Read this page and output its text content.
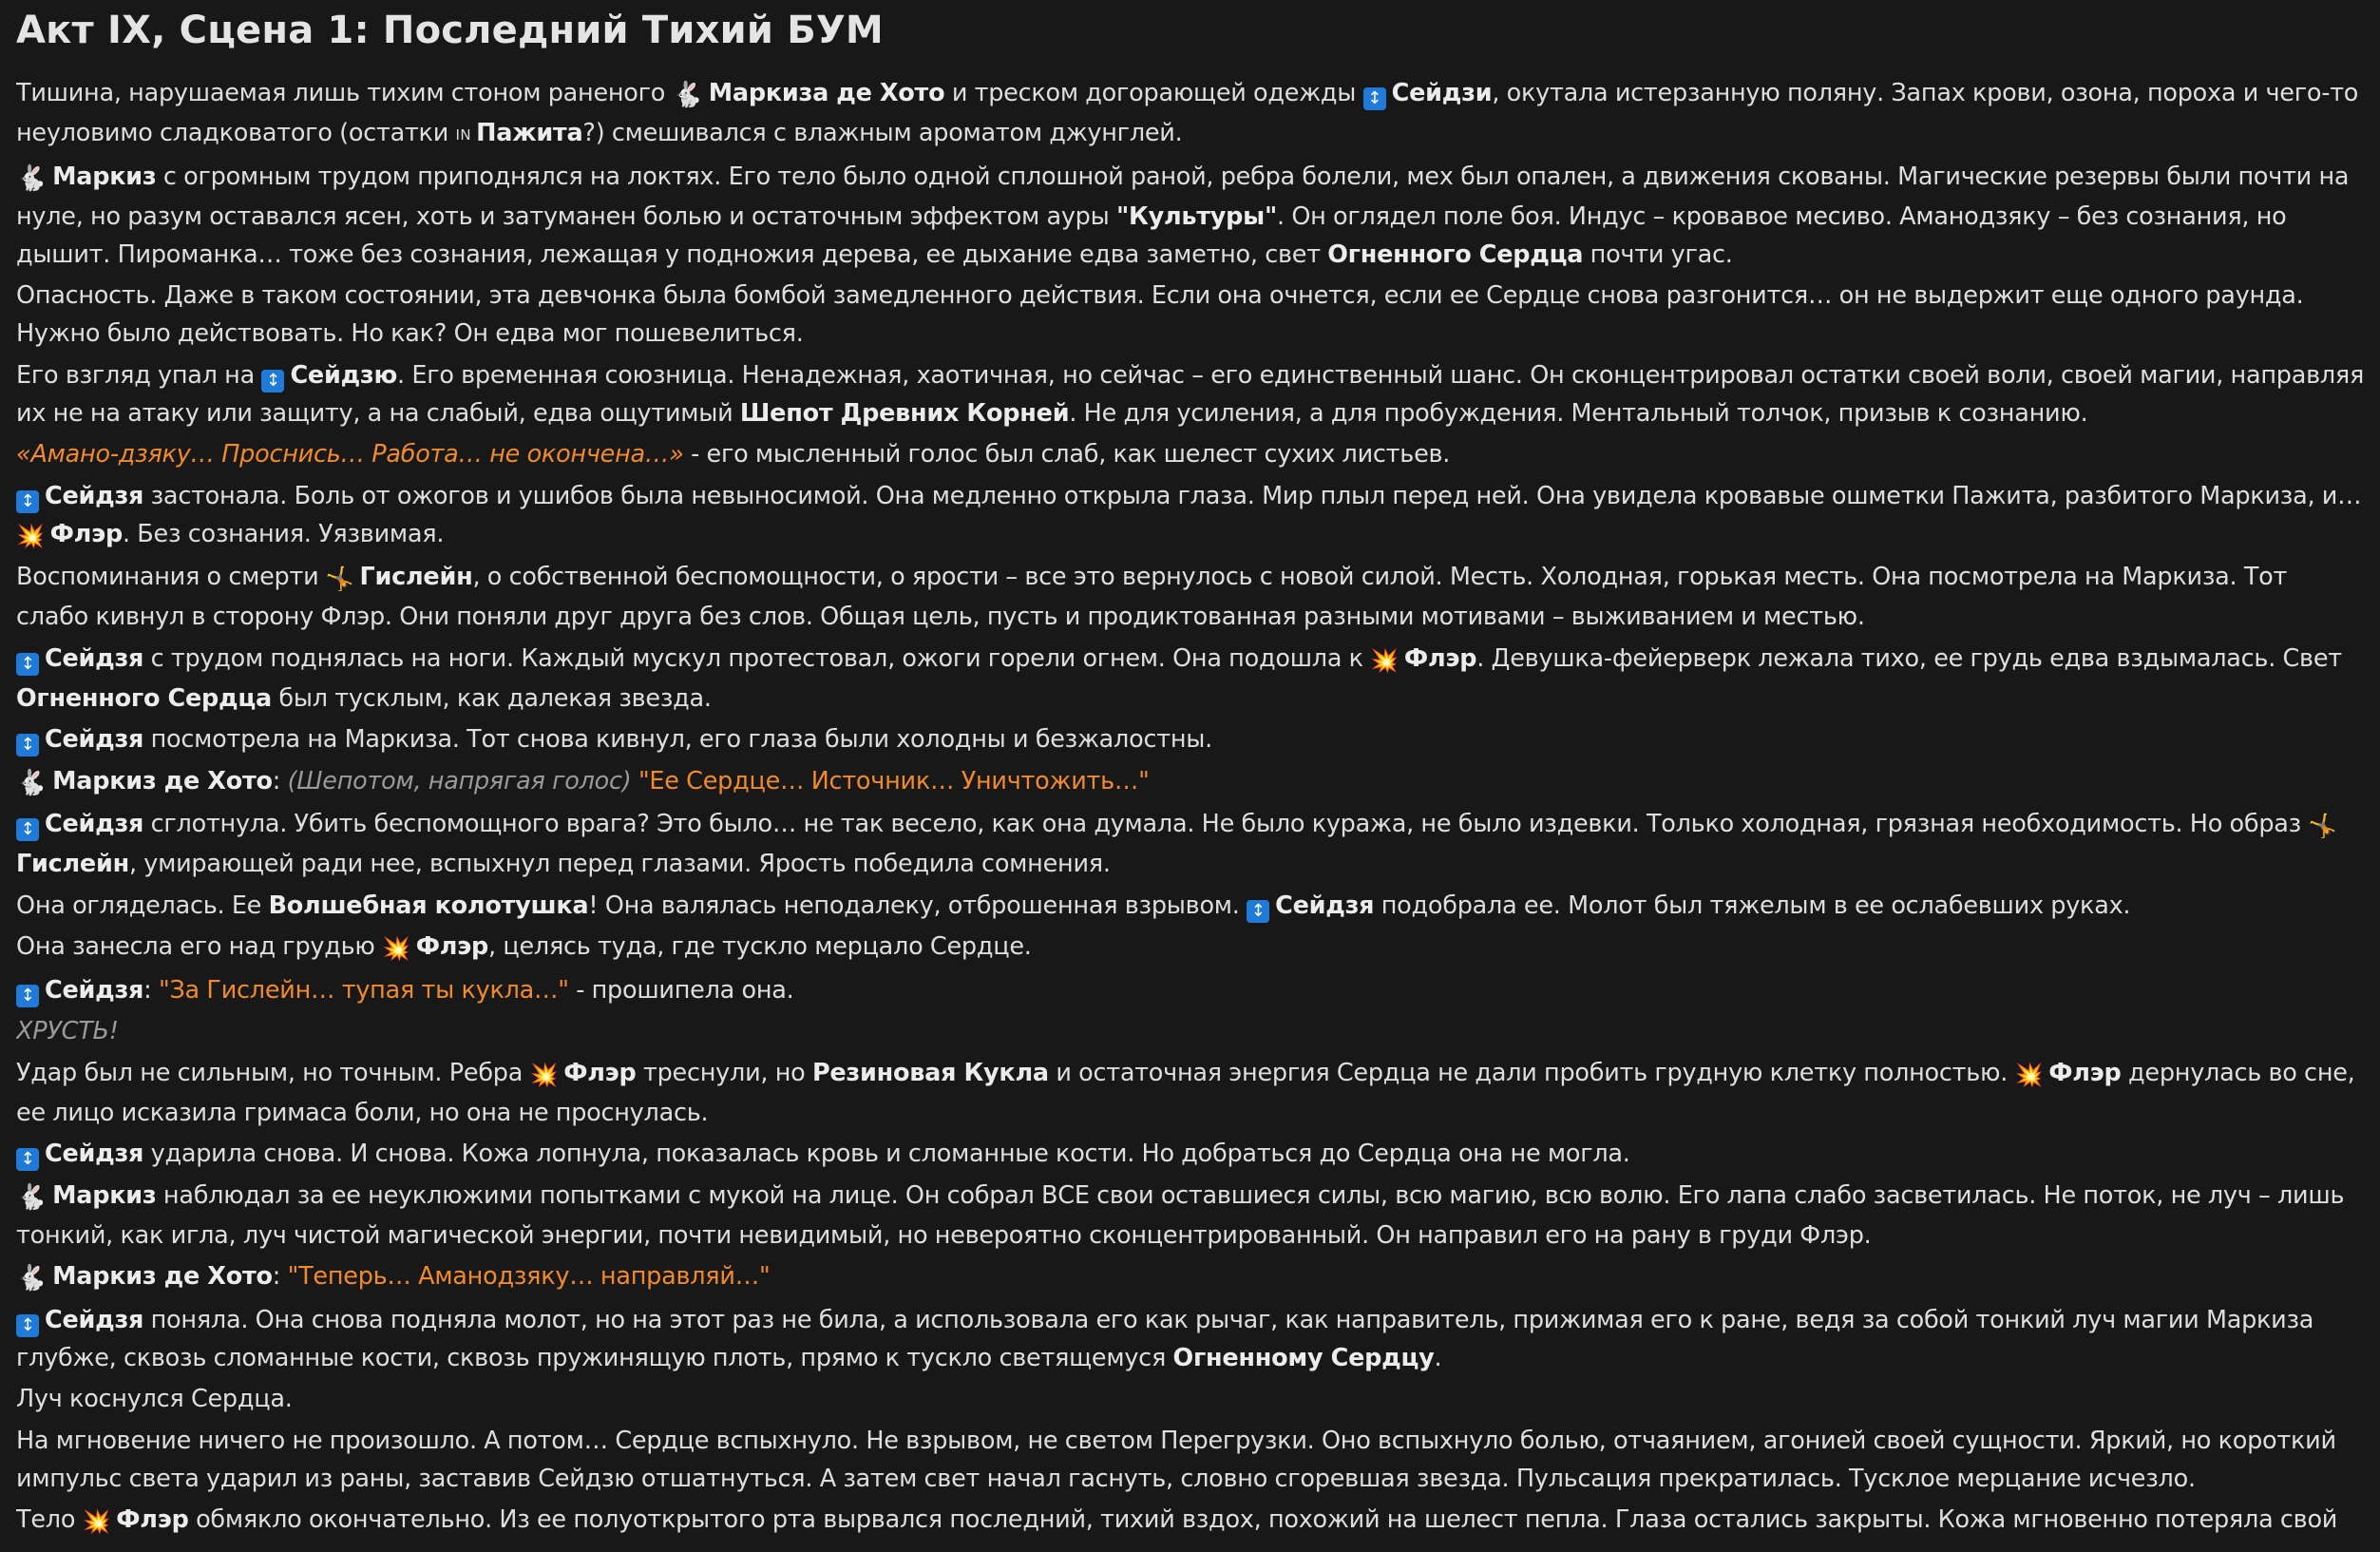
Акт IX, Сцена 1: Последний Тихий БУМ
Тишина, нарушаемая лишь тихим стоном раненого 🐇 Маркиза де Хото и треском догорающей одежды ↕ Сейдзи, окутала истерзанную поляну. Запах крови, озона, пороха и чего-то неуловимо сладковатого (остатки IN Пажита?) смешивался с влажным ароматом джунглей.
🐇 Маркиз с огромным трудом приподнялся на локтях. Его тело было одной сплошной раной, ребра болели, мех был опален, а движения скованы. Магические резервы были почти на нуле, но разум оставался ясен, хоть и затуманен болью и остаточным эффектом ауры "Культуры". Он оглядел поле боя. Индус – кровавое месиво. Аманодзяку – без сознания, но дышит. Пироманка… тоже без сознания, лежащая у подножия дерева, ее дыхание едва заметно, свет Огненного Сердца почти угас.
Опасность. Даже в таком состоянии, эта девчонка была бомбой замедленного действия. Если она очнется, если ее Сердце снова разгонится… он не выдержит еще одного раунда. Нужно было действовать. Но как? Он едва мог пошевелиться.
Его взгляд упал на ↕ Сейдзю. Его временная союзница. Ненадежная, хаотичная, но сейчас – его единственный шанс. Он сконцентрировал остатки своей воли, своей магии, направляя их не на атаку или защиту, а на слабый, едва ощутимый Шепот Древних Корней. Не для усиления, а для пробуждения. Ментальный толчок, призыв к сознанию.
«Амано-дзяку… Проснись… Работа… не окончена…» - его мысленный голос был слаб, как шелест сухих листьев.
↕ Сейдзя застонала. Боль от ожогов и ушибов была невыносимой. Она медленно открыла глаза. Мир плыл перед ней. Она увидела кровавые ошметки Пажита, разбитого Маркиза, и… 💥 Флэр. Без сознания. Уязвимая.
Воспоминания о смерти 🤸 Гислейн, о собственной беспомощности, о ярости – все это вернулось с новой силой. Месть. Холодная, горькая месть. Она посмотрела на Маркиза. Тот слабо кивнул в сторону Флэр. Они поняли друг друга без слов. Общая цель, пусть и продиктованная разными мотивами – выживанием и местью.
↕ Сейдзя с трудом поднялась на ноги. Каждый мускул протестовал, ожоги горели огнем. Она подошла к 💥 Флэр. Девушка-фейерверк лежала тихо, ее грудь едва вздымалась. Свет Огненного Сердца был тусклым, как далекая звезда.
↕ Сейдзя посмотрела на Маркиза. Тот снова кивнул, его глаза были холодны и безжалостны.
🐇 Маркиз де Хото: (Шепотом, напрягая голос) "Ее Сердце… Источник… Уничтожить…"
↕ Сейдзя сглотнула. Убить беспомощного врага? Это было… не так весело, как она думала. Не было куража, не было издевки. Только холодная, грязная необходимость. Но образ 🤸Гислейн, умирающей ради нее, вспыхнул перед глазами. Ярость победила сомнения.
Она огляделась. Ее Волшебная колотушка! Она валялась неподалеку, отброшенная взрывом. ↕ Сейдзя подобрала ее. Молот был тяжелым в ее ослабевших руках.
Она занесла его над грудью 💥 Флэр, целясь туда, где тускло мерцало Сердце.
↕ Сейдзя: "За Гислейн… тупая ты кукла…" - прошипела она.
ХРУСТЬ!
Удар был не сильным, но точным. Ребра 💥 Флэр треснули, но Резиновая Кукла и остаточная энергия Сердца не дали пробить грудную клетку полностью. 💥 Флэр дернулась во сне, ее лицо исказила гримаса боли, но она не проснулась.
↕ Сейдзя ударила снова. И снова. Кожа лопнула, показалась кровь и сломанные кости. Но добраться до Сердца она не могла.
🐇 Маркиз наблюдал за ее неуклюжими попытками с мукой на лице. Он собрал ВСЕ свои оставшиеся силы, всю магию, всю волю. Его лапа слабо засветилась. Не поток, не луч – лишь тонкий, как игла, луч чистой магической энергии, почти невидимый, но невероятно сконцентрированный. Он направил его на рану в груди Флэр.
🐇 Маркиз де Хото: "Теперь… Аманодзяку… направляй…"
↕ Сейдзя поняла. Она снова подняла молот, но на этот раз не била, а использовала его как рычаг, как направитель, прижимая его к ране, ведя за собой тонкий луч магии Маркиза глубже, сквозь сломанные кости, сквозь пружинящую плоть, прямо к тускло светящемуся Огненному Сердцу.
Луч коснулся Сердца.
На мгновение ничего не произошло. А потом… Сердце вспыхнуло. Не взрывом, не светом Перегрузки. Оно вспыхнуло болью, отчаянием, агонией своей сущности. Яркий, но короткий импульс света ударил из раны, заставив Сейдзю отшатнуться. А затем свет начал гаснуть, словно сгоревшая звезда. Пульсация прекратилась. Тусклое мерцание исчезло.
Тело 💥 Флэр обмякло окончательно. Из ее полуоткрытого рта вырвался последний, тихий вздох, похожий на шелест пепла. Глаза остались закрыты. Кожа мгновенно потеряла свой
